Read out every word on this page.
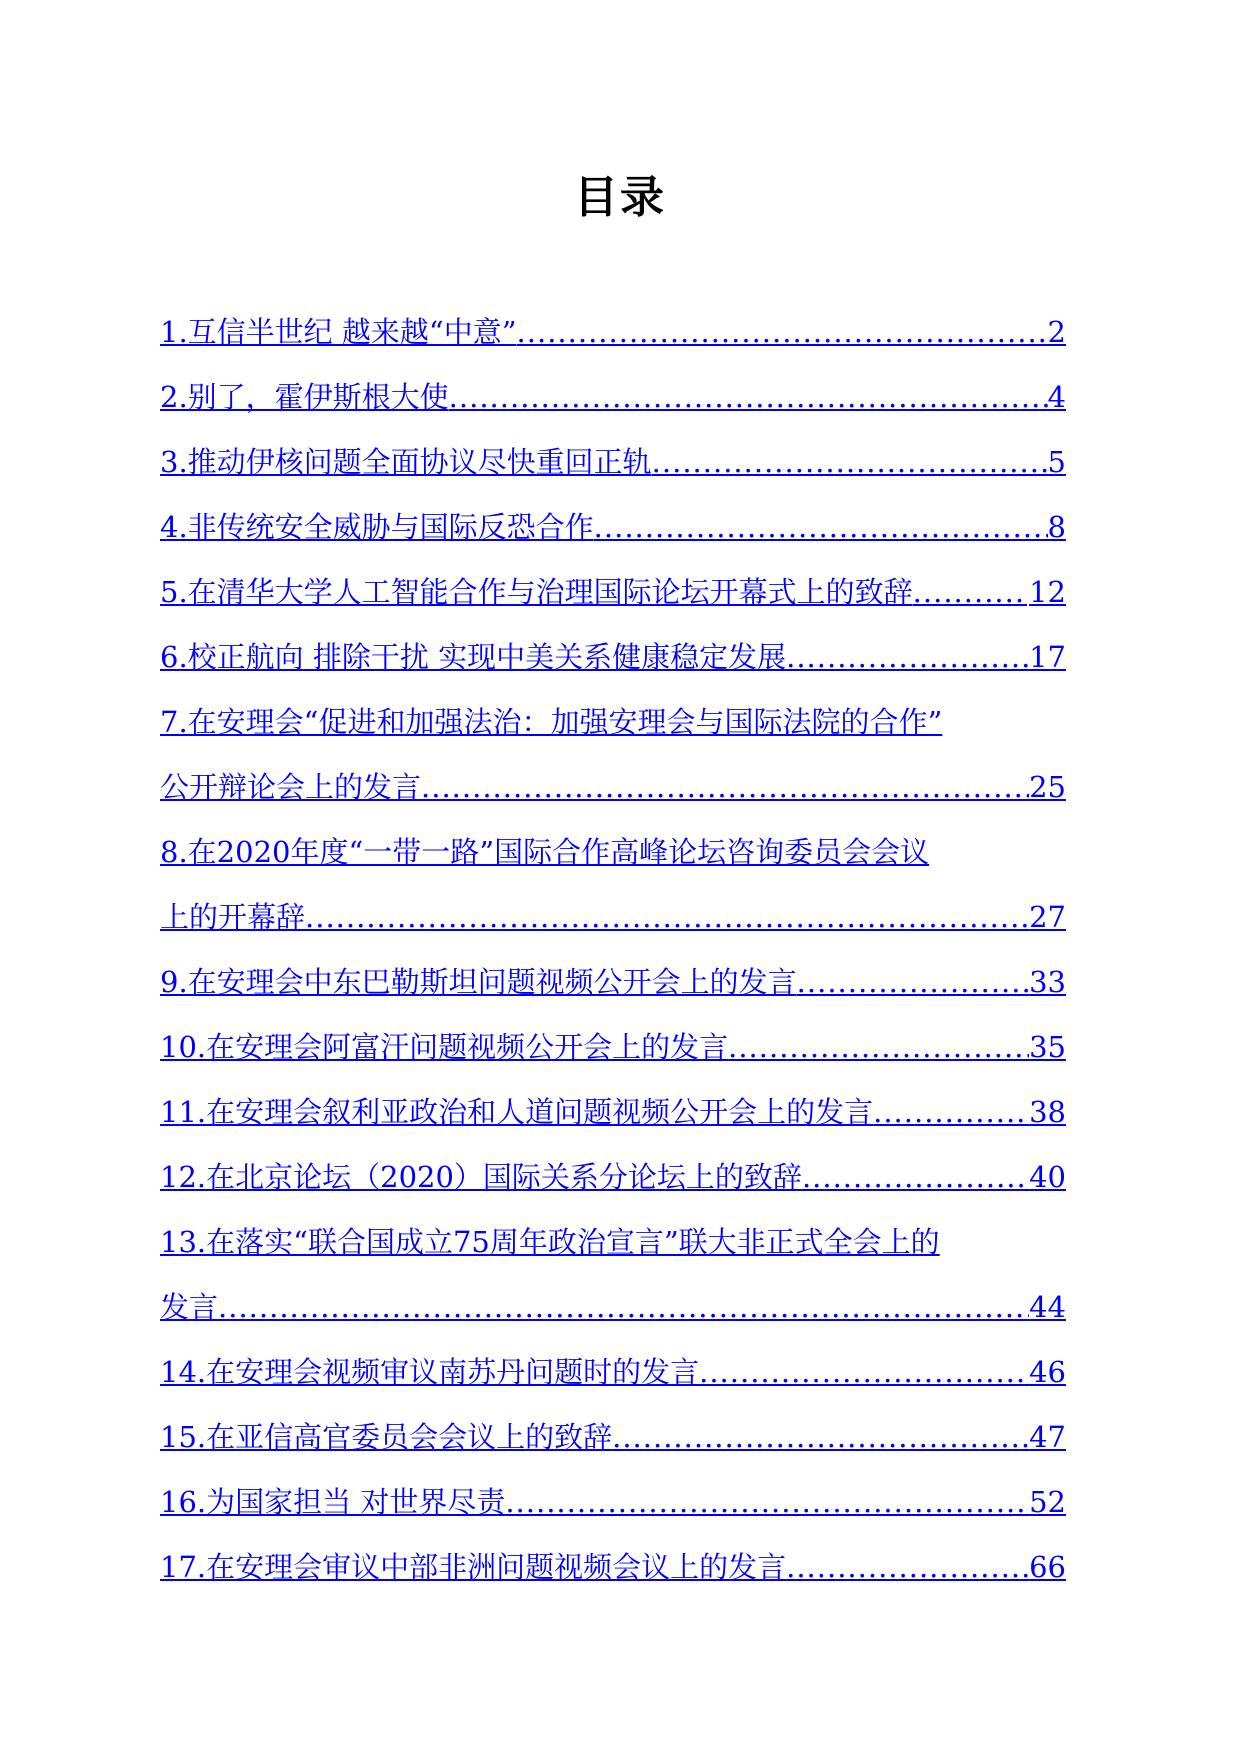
目录
1.互信半世纪 越来越“中意” .....	2
2.别了，霍伊斯根大使 .....	4
3.推动伊核问题全面协议尽快重回正轨 .....	5
4.非传统安全威胁与国际反恐合作 .....	8
5.在清华大学人工智能合作与治理国际论坛开幕式上的致辞 .....	12
6.校正航向 排除干扰 实现中美关系健康稳定发展 .....	17
7.在安理会“促进和加强法治：加强安理会与国际法院的合作”
公开辩论会上的发言 .....	25
8.在2020年度“一带一路”国际合作高峰论坛咨询委员会会议
上的开幕辞 .....	27
9.在安理会中东巴勒斯坦问题视频公开会上的发言 .....	33
10.在安理会阿富汗问题视频公开会上的发言 .....	35
11.在安理会叙利亚政治和人道问题视频公开会上的发言 .....	38
12.在北京论坛（2020）国际关系分论坛上的致辞 .....	40
13.在落实“联合国成立75周年政治宣言”联大非正式全会上的
发言 .....	44
14.在安理会视频审议南苏丹问题时的发言 .....	46
15.在亚信高官委员会会议上的致辞 .....	47
16.为国家担当 对世界尽责 .....	52
17.在安理会审议中部非洲问题视频会议上的发言 .....	66
